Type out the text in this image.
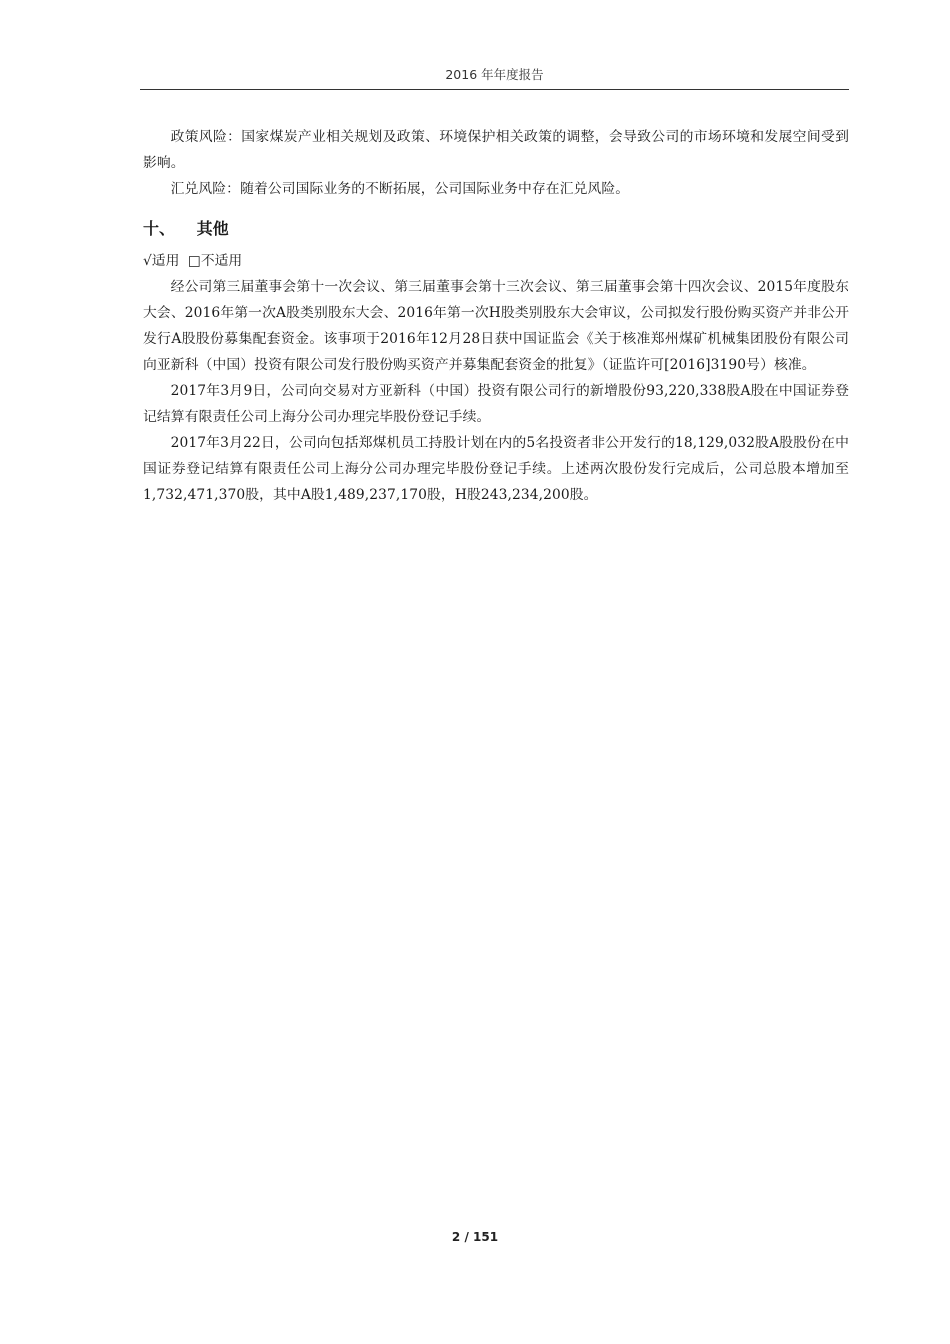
2016 年年度报告

政策风险：国家煤炭产业相关规划及政策、环境保护相关政策的调整，会导致公司的市场环境和发展空间受到影响。

汇兑风险：随着公司国际业务的不断拓展，公司国际业务中存在汇兑风险。

十、 其他
√适用 □不适用

经公司第三届董事会第十一次会议、第三届董事会第十三次会议、第三届董事会第十四次会议、2015年度股东大会、2016年第一次A股类别股东大会、2016年第一次H股类别股东大会审议，公司拟发行股份购买资产并非公开发行A股股份募集配套资金。该事项于2016年12月28日获中国证监会《关于核准郑州煤矿机械集团股份有限公司向亚新科（中国）投资有限公司发行股份购买资产并募集配套资金的批复》（证监许可[2016]3190号）核准。

2017年3月9日，公司向交易对方亚新科（中国）投资有限公司行的新增股份93,220,338股A股在中国证券登记结算有限责任公司上海分公司办理完毕股份登记手续。

2017年3月22日，公司向包括郑煤机员工持股计划在内的5名投资者非公开发行的18,129,032股A股股份在中国证券登记结算有限责任公司上海分公司办理完毕股份登记手续。上述两次股份发行完成后，公司总股本增加至1,732,471,370股，其中A股1,489,237,170股，H股243,234,200股。

2 / 151
